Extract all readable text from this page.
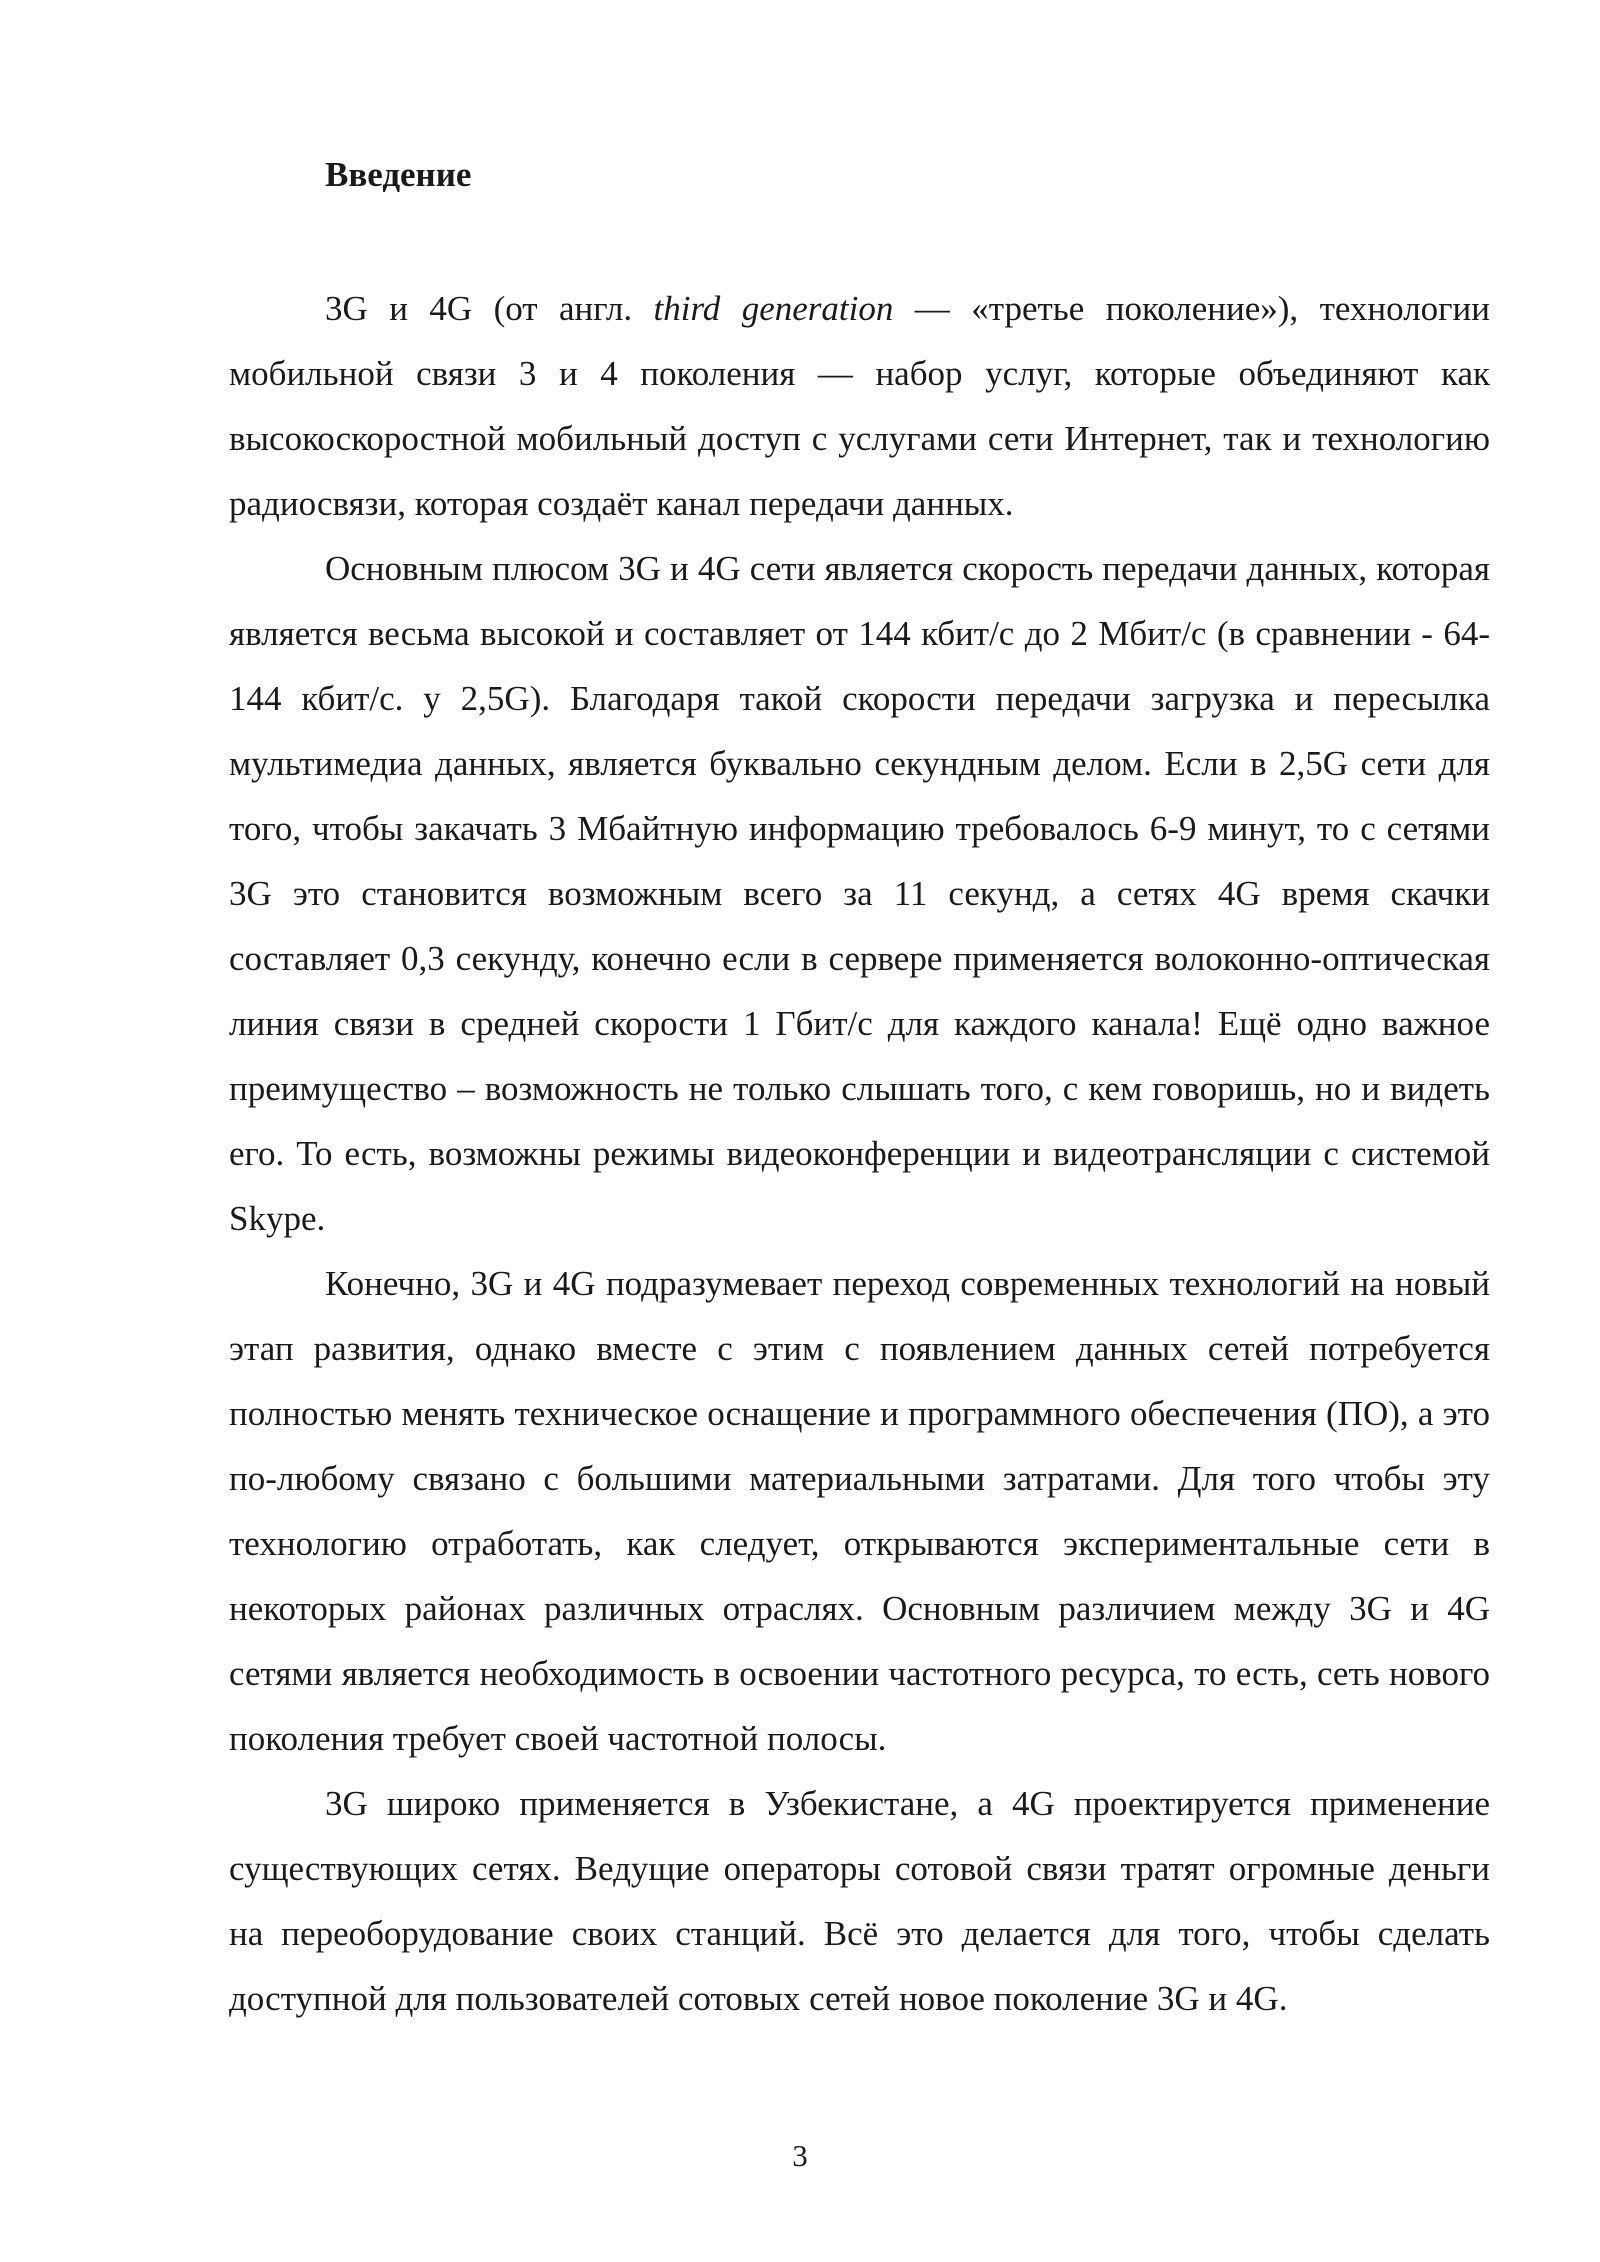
Введение

3G и 4G (от англ. third generation — «третье поколение»), технологии мобильной связи 3 и 4 поколения — набор услуг, которые объединяют как высокоскоростной мобильный доступ с услугами сети Интернет, так и технологию радиосвязи, которая создаёт канал передачи данных.

Основным плюсом 3G и 4G сети является скорость передачи данных, которая является весьма высокой и составляет от 144 кбит/с до 2 Мбит/с (в сравнении - 64-144 кбит/с. у 2,5G). Благодаря такой скорости передачи загрузка и пересылка мультимедиа данных, является буквально секундным делом. Если в 2,5G сети для того, чтобы закачать 3 Мбайтную информацию требовалось 6-9 минут, то с сетями 3G это становится возможным всего за 11 секунд, а сетях 4G время скачки составляет 0,3 секунду, конечно если в сервере применяется волоконно-оптическая линия связи в средней скорости 1 Гбит/с для каждого канала! Ещё одно важное преимущество – возможность не только слышать того, с кем говоришь, но и видеть его. То есть, возможны режимы видеоконференции и видеотрансляции с системой Skype.

Конечно, 3G и 4G подразумевает переход современных технологий на новый этап развития, однако вместе с этим с появлением данных сетей потребуется полностью менять техническое оснащение и программного обеспечения (ПО), а это по-любому связано с большими материальными затратами. Для того чтобы эту технологию отработать, как следует, открываются экспериментальные сети в некоторых районах различных отраслях. Основным различием между 3G и 4G сетями является необходимость в освоении частотного ресурса, то есть, сеть нового поколения требует своей частотной полосы.

3G широко применяется в Узбекистане, а 4G проектируется применение существующих сетях. Ведущие операторы сотовой связи тратят огромные деньги на переоборудование своих станций. Всё это делается для того, чтобы сделать доступной для пользователей сотовых сетей новое поколение 3G и 4G.

3
